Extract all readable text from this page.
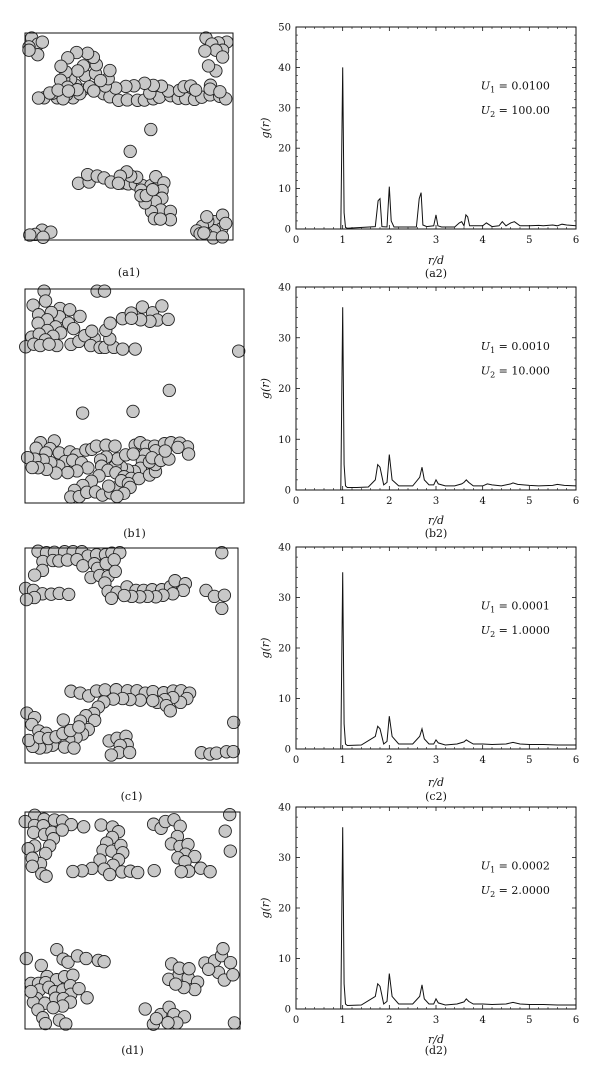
(a1)
0	1	2	3	4	5	6
0
10
20
30
40
50
g(r)
r/d
(a2)
$U_1 = 0.0100$
$U_2 = 100.00$
(b1)
0	1	2	3	4	5	6
0
10
20
30
40
g(r)
r/d
(b2)
$U_1 = 0.0010$
$U_2 = 10.000$
(c1)
0	1	2	3	4	5	6
0
10
20
30
40
g(r)
r/d
(c2)
$U_1 = 0.0001$
$U_2 = 1.0000$
(d1)
0	1	2	3	4	5	6
0
10
20
30
40
g(r)
r/d
(d2)
$U_1 = 0.0002$
$U_2 = 2.0000$
